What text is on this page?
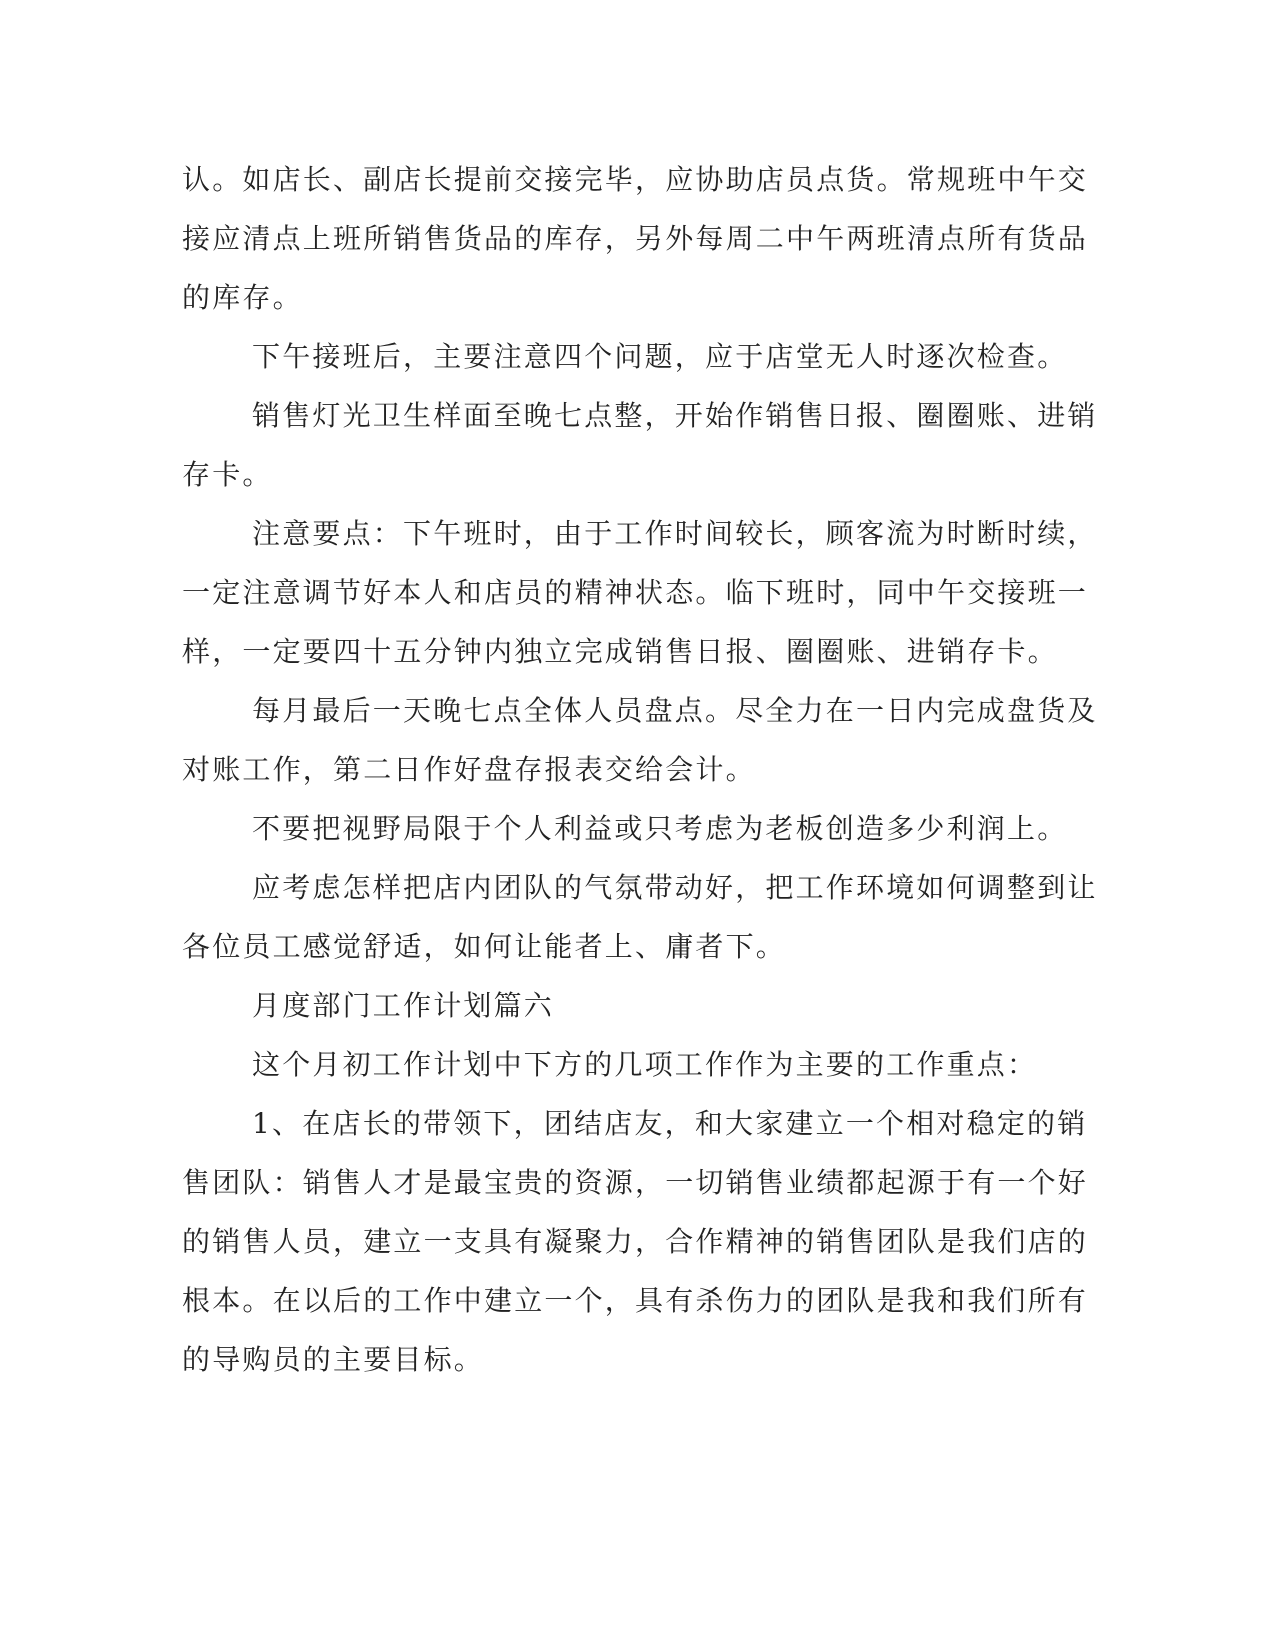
认。如店长、副店长提前交接完毕，应协助店员点货。常规班中午交
接应清点上班所销售货品的库存，另外每周二中午两班清点所有货品
的库存。
下午接班后，主要注意四个问题，应于店堂无人时逐次检查。
销售灯光卫生样面至晚七点整，开始作销售日报、圈圈账、进销
存卡。
注意要点：下午班时，由于工作时间较长，顾客流为时断时续，
一定注意调节好本人和店员的精神状态。临下班时，同中午交接班一
样，一定要四十五分钟内独立完成销售日报、圈圈账、进销存卡。
每月最后一天晚七点全体人员盘点。尽全力在一日内完成盘货及
对账工作，第二日作好盘存报表交给会计。
不要把视野局限于个人利益或只考虑为老板创造多少利润上。
应考虑怎样把店内团队的气氛带动好，把工作环境如何调整到让
各位员工感觉舒适，如何让能者上、庸者下。
月度部门工作计划篇六
这个月初工作计划中下方的几项工作作为主要的工作重点：
1、在店长的带领下，团结店友，和大家建立一个相对稳定的销
售团队：销售人才是最宝贵的资源，一切销售业绩都起源于有一个好
的销售人员，建立一支具有凝聚力，合作精神的销售团队是我们店的
根本。在以后的工作中建立一个，具有杀伤力的团队是我和我们所有
的导购员的主要目标。
